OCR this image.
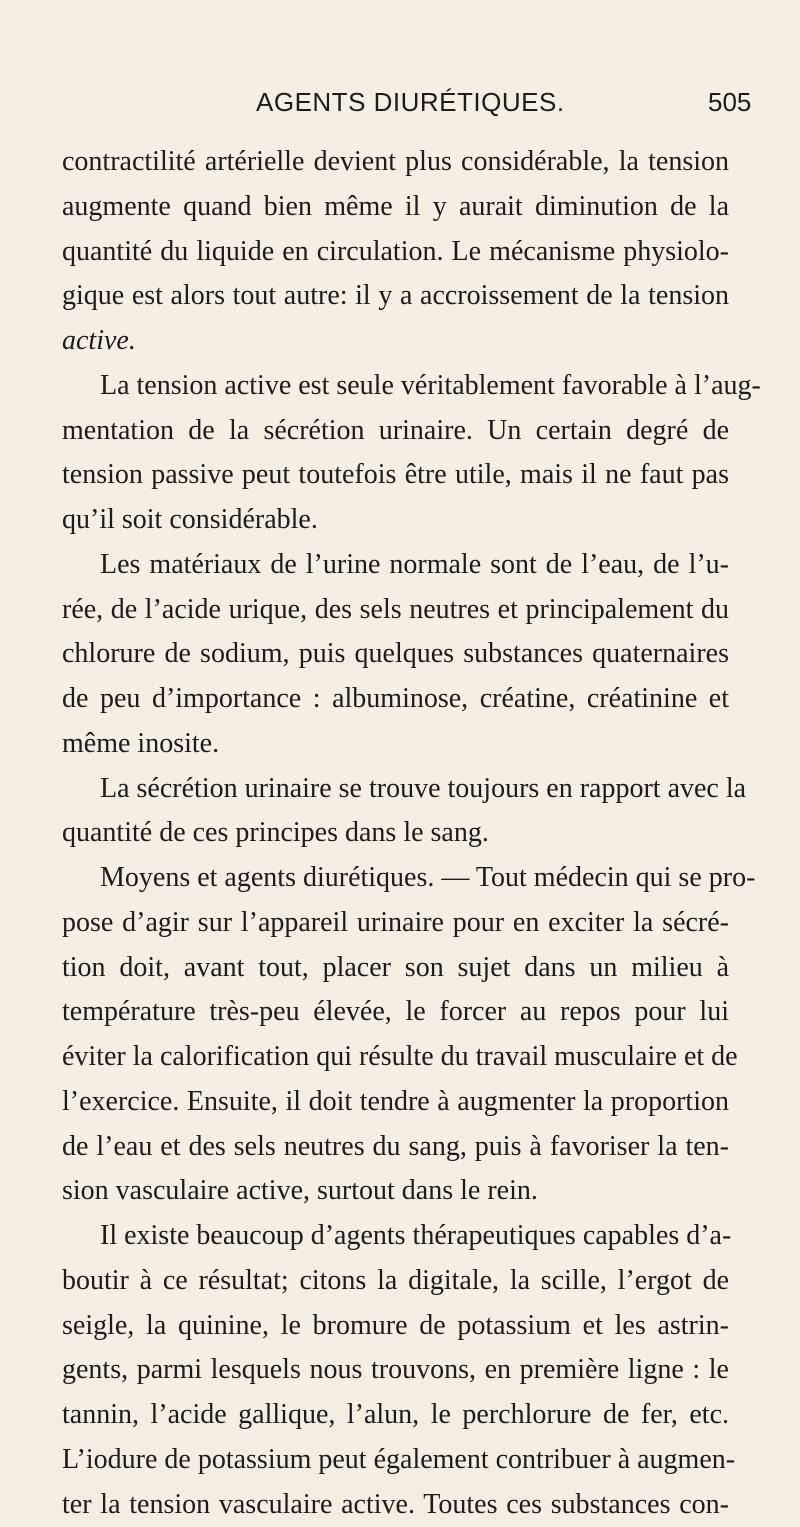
AGENTS DIURÉTIQUES.	505
contractilité artérielle devient plus considérable, la tension
augmente quand bien même il y aurait diminution de la
quantité du liquide en circulation. Le mécanisme physiolo-
gique est alors tout autre: il y a accroissement de la tension
active.
La tension active est seule véritablement favorable à l’aug-
mentation de la sécrétion urinaire. Un certain degré de
tension passive peut toutefois être utile, mais il ne faut pas
qu’il soit considérable.
Les matériaux de l’urine normale sont de l’eau, de l’u-
rée, de l’acide urique, des sels neutres et principalement du
chlorure de sodium, puis quelques substances quaternaires
de peu d’importance : albuminose, créatine, créatinine et
même inosite.
La sécrétion urinaire se trouve toujours en rapport avec la
quantité de ces principes dans le sang.
Moyens et agents diurétiques. — Tout médecin qui se pro-
pose d’agir sur l’appareil urinaire pour en exciter la sécré-
tion doit, avant tout, placer son sujet dans un milieu à
température très-peu élevée, le forcer au repos pour lui
éviter la calorification qui résulte du travail musculaire et de
l’exercice. Ensuite, il doit tendre à augmenter la proportion
de l’eau et des sels neutres du sang, puis à favoriser la ten-
sion vasculaire active, surtout dans le rein.
Il existe beaucoup d’agents thérapeutiques capables d’a-
boutir à ce résultat; citons la digitale, la scille, l’ergot de
seigle, la quinine, le bromure de potassium et les astrin-
gents, parmi lesquels nous trouvons, en première ligne : le
tannin, l’acide gallique, l’alun, le perchlorure de fer, etc.
L’iodure de potassium peut également contribuer à augmen-
ter la tension vasculaire active. Toutes ces substances con-
